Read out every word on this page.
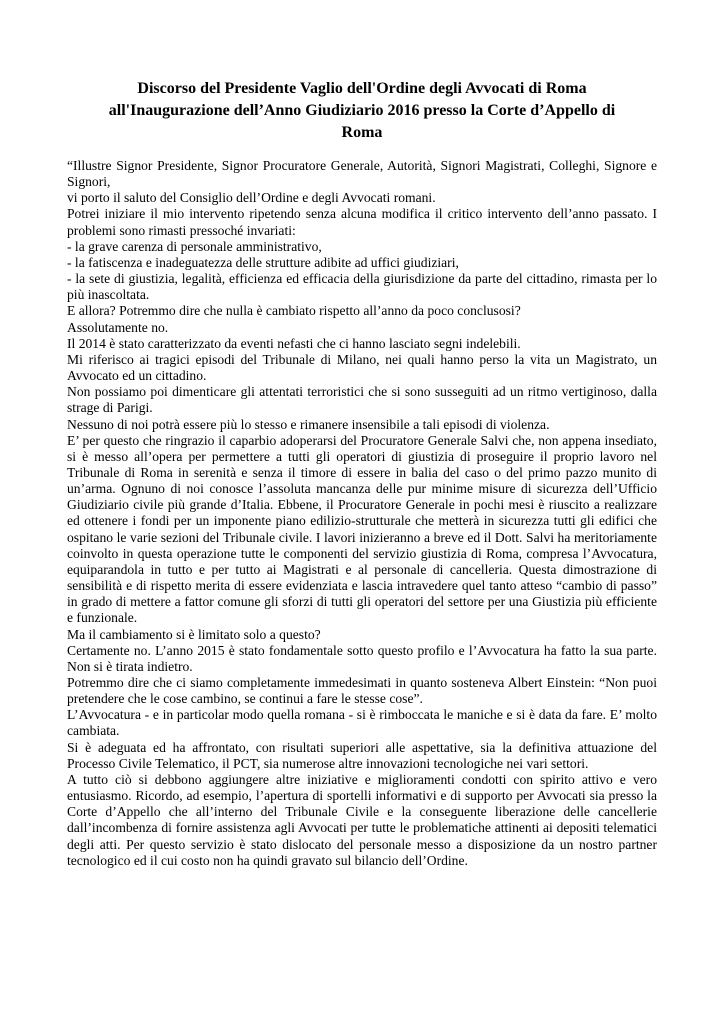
Discorso del Presidente Vaglio dell'Ordine degli Avvocati di Roma
all'Inaugurazione dell’Anno Giudiziario 2016 presso la Corte d’Appello di
Roma

“Illustre Signor Presidente, Signor Procuratore Generale, Autorità, Signori Magistrati, Colleghi, Signore e Signori,

vi porto il saluto del Consiglio dell’Ordine e degli Avvocati romani.

Potrei iniziare il mio intervento ripetendo senza alcuna modifica il critico intervento dell’anno passato. I problemi sono rimasti pressoché invariati:

- la grave carenza di personale amministrativo,

- la fatiscenza e inadeguatezza delle strutture adibite ad uffici giudiziari,

- la sete di giustizia, legalità, efficienza ed efficacia della giurisdizione da parte del cittadino, rimasta per lo più inascoltata.

E allora? Potremmo dire che nulla è cambiato rispetto all’anno da poco conclusosi?

Assolutamente no.

Il 2014 è stato caratterizzato da eventi nefasti che ci hanno lasciato segni indelebili.

Mi riferisco ai tragici episodi del Tribunale di Milano, nei quali hanno perso la vita un Magistrato, un Avvocato ed un cittadino.

Non possiamo poi dimenticare gli attentati terroristici che si sono susseguiti ad un ritmo vertiginoso, dalla strage di Parigi.

Nessuno di noi potrà essere più lo stesso e rimanere insensibile a tali episodi di violenza.

E’ per questo che ringrazio il caparbio adoperarsi del Procuratore Generale Salvi che, non appena insediato, si è messo all’opera per permettere a tutti gli operatori di giustizia di proseguire il proprio lavoro nel Tribunale di Roma in serenità e senza il timore di essere in balia del caso o del primo pazzo munito di un’arma. Ognuno di noi conosce l’assoluta mancanza delle pur minime misure di sicurezza dell’Ufficio Giudiziario civile più grande d’Italia. Ebbene, il Procuratore Generale in pochi mesi è riuscito a realizzare ed ottenere i fondi per un imponente piano edilizio-strutturale che metterà in sicurezza tutti gli edifici che ospitano le varie sezioni del Tribunale civile. I lavori inizieranno a breve ed il Dott. Salvi ha meritoriamente coinvolto in questa operazione tutte le componenti del servizio giustizia di Roma, compresa l’Avvocatura, equiparandola in tutto e per tutto ai Magistrati e al personale di cancelleria. Questa dimostrazione di sensibilità e di rispetto merita di essere evidenziata e lascia intravedere quel tanto atteso “cambio di passo” in grado di mettere a fattor comune gli sforzi di tutti gli operatori del settore per una Giustizia più efficiente e funzionale.

Ma il cambiamento si è limitato solo a questo?

Certamente no. L’anno 2015 è stato fondamentale sotto questo profilo e l’Avvocatura ha fatto la sua parte. Non si è tirata indietro.

Potremmo dire che ci siamo completamente immedesimati in quanto sosteneva Albert Einstein: “Non puoi pretendere che le cose cambino, se continui a fare le stesse cose”.

L’Avvocatura - e in particolar modo quella romana - si è rimboccata le maniche e si è data da fare. E’ molto cambiata.

Si è adeguata ed ha affrontato, con risultati superiori alle aspettative, sia la definitiva attuazione del Processo Civile Telematico, il PCT, sia numerose altre innovazioni tecnologiche nei vari settori.

A tutto ciò si debbono aggiungere altre iniziative e miglioramenti condotti con spirito attivo e vero entusiasmo. Ricordo, ad esempio, l’apertura di sportelli informativi e di supporto per Avvocati sia presso la Corte d’Appello che all’interno del Tribunale Civile e la conseguente liberazione delle cancellerie dall’incombenza di fornire assistenza agli Avvocati per tutte le problematiche attinenti ai depositi telematici degli atti. Per questo servizio è stato dislocato del personale messo a disposizione da un nostro partner tecnologico ed il cui costo non ha quindi gravato sul bilancio dell’Ordine.
